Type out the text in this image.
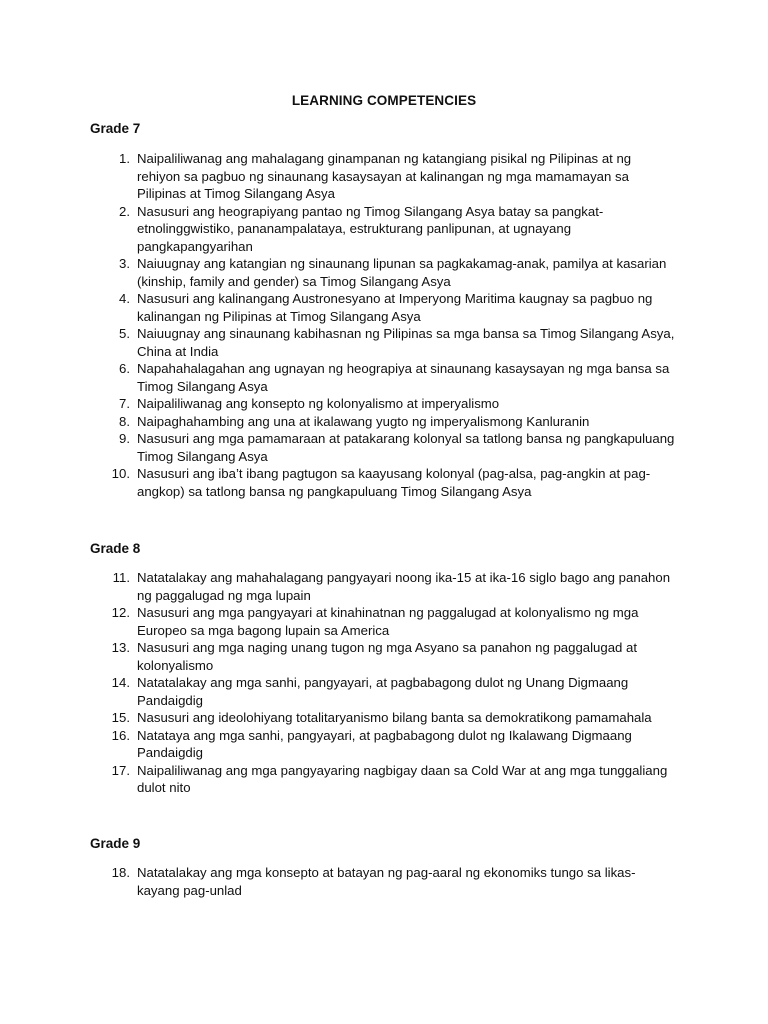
LEARNING COMPETENCIES
Grade 7
1. Naipaliliwanag ang mahalagang ginampanan ng katangiang pisikal ng Pilipinas at ng rehiyon sa pagbuo ng sinaunang kasaysayan at kalinangan ng mga mamamayan sa Pilipinas at Timog Silangang Asya
2. Nasusuri ang heograpiyang pantao ng Timog Silangang Asya batay sa pangkat-etnolinggwistiko, pananampalataya, estrukturang panlipunan, at ugnayang pangkapangyarihan
3. Naiuugnay ang katangian ng sinaunang lipunan sa pagkakamag-anak, pamilya at kasarian (kinship, family and gender) sa Timog Silangang Asya
4. Nasusuri ang kalinangang Austronesyano at Imperyong Maritima kaugnay sa pagbuo ng kalinangan ng Pilipinas at Timog Silangang Asya
5. Naiuugnay ang sinaunang kabihasnan ng Pilipinas sa mga bansa sa Timog Silangang Asya, China at India
6. Napahahalagahan ang ugnayan ng heograpiya at sinaunang kasaysayan ng mga bansa sa Timog Silangang Asya
7. Naipaliliwanag ang konsepto ng kolonyalismo at imperyalismo
8. Naipaghahambing ang una at ikalawang yugto ng imperyalismong Kanluranin
9. Nasusuri ang mga pamamaraan at patakarang kolonyal sa tatlong bansa ng pangkapuluang Timog Silangang Asya
10. Nasusuri ang iba’t ibang pagtugon sa kaayusang kolonyal (pag-alsa, pag-angkin at pag-angkop) sa tatlong bansa ng pangkapuluang Timog Silangang Asya
Grade 8
11. Natatalakay ang mahahalagang pangyayari noong ika-15 at ika-16 siglo bago ang panahon ng paggalugad ng mga lupain
12. Nasusuri ang mga pangyayari at kinahinatnan ng paggalugad at kolonyalismo ng mga Europeo sa mga bagong lupain sa America
13. Nasusuri ang mga naging unang tugon ng mga Asyano sa panahon ng paggalugad at kolonyalismo
14. Natatalakay ang mga sanhi, pangyayari, at pagbabagong dulot ng Unang Digmaang Pandaigdig
15. Nasusuri ang ideolohiyang totalitaryanismo bilang banta sa demokratikong pamamahala
16. Natataya ang mga sanhi, pangyayari, at pagbabagong dulot ng Ikalawang Digmaang Pandaigdig
17. Naipaliliwanag ang mga pangyayaring nagbigay daan sa Cold War at ang mga tunggaliang dulot nito
Grade 9
18. Natatalakay ang mga konsepto at batayan ng pag-aaral ng ekonomiks tungo sa likas-kayang pag-unlad
